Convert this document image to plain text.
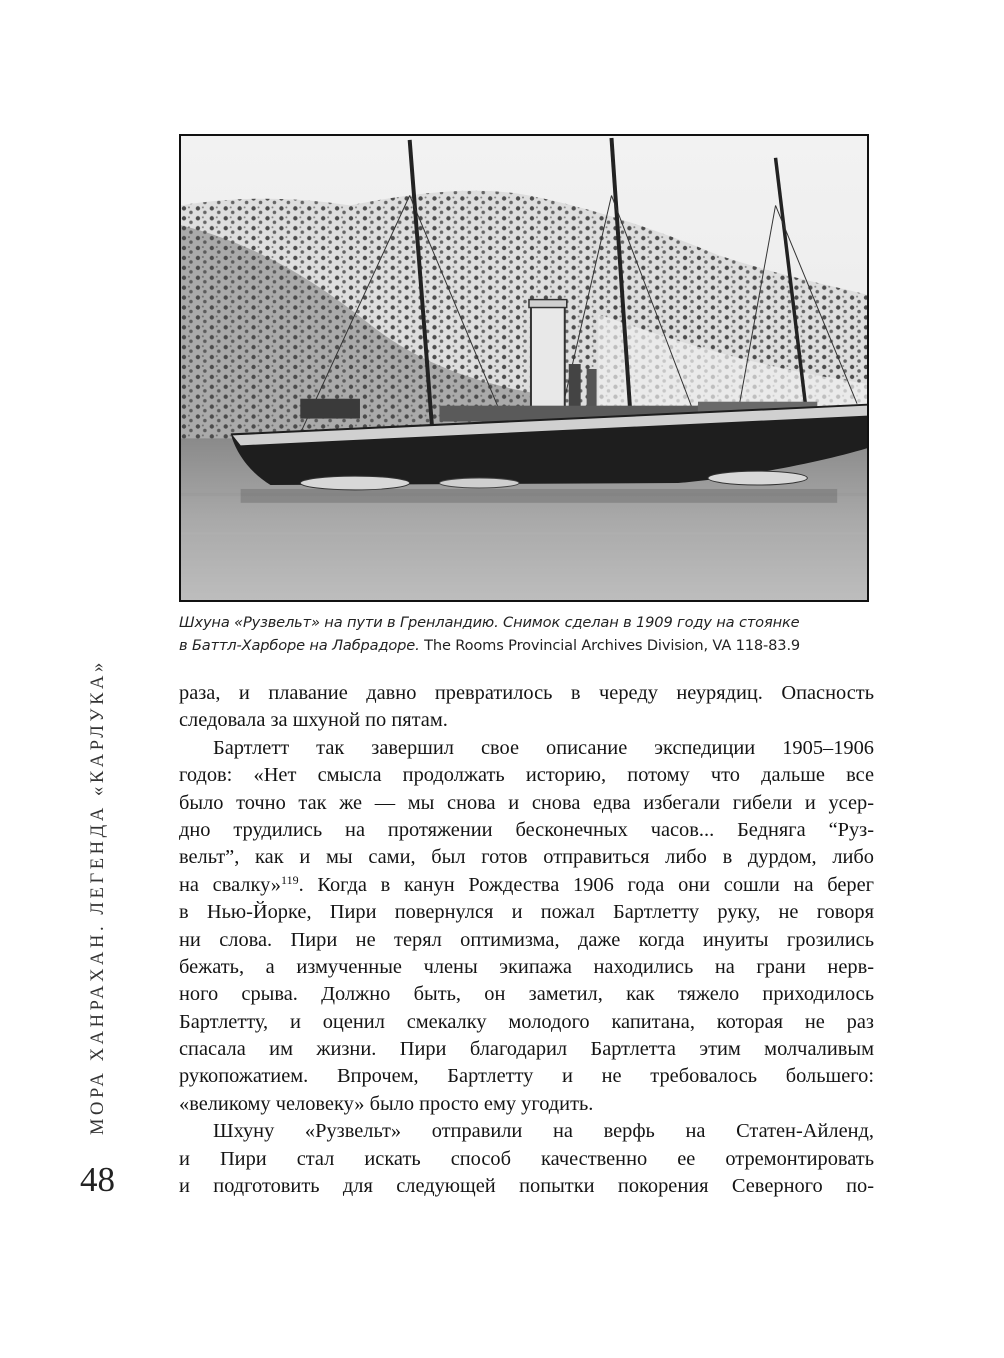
Шхуна «Рузвельт» на пути в Гренландию. Снимок сделан в 1909 году на стоянке

в Баттл-Харборе на Лабрадоре. The Rooms Provincial Archives Division, VA 118-83.9

раза, и плавание давно превратилось в череду неурядиц. Опасность
следовала за шхуной по пятам.
Бартлетт так завершил свое описание экспедиции 1905–1906
годов: «Нет смысла продолжать историю, потому что дальше все
было точно так же — мы снова и снова едва избегали гибели и усер-
дно трудились на протяжении бесконечных часов... Бедняга “Руз-
вельт”, как и мы сами, был готов отправиться либо в дурдом, либо
на свалку»$^{119}$. Когда в канун Рождества 1906 года они сошли на берег
в Нью-Йорке, Пири повернулся и пожал Бартлетту руку, не говоря
ни слова. Пири не терял оптимизма, даже когда инуиты грозились
бежать, а измученные члены экипажа находились на грани нерв-
ного срыва. Должно быть, он заметил, как тяжело приходилось
Бартлетту, и оценил смекалку молодого капитана, которая не раз
спасала им жизни. Пири благодарил Бартлетта этим молчаливым
рукопожатием. Впрочем, Бартлетту и не требовалось большего:
«великому человеку» было просто ему угодить.
Шхуну «Рузвельт» отправили на верфь на Статен-Айленд,
и Пири стал искать способ качественно ее отремонтировать
и подготовить для следующей попытки покорения Северного по-
МОРА ХАНРАХАН. ЛЕГЕНДА «КАРЛУКА»
48
